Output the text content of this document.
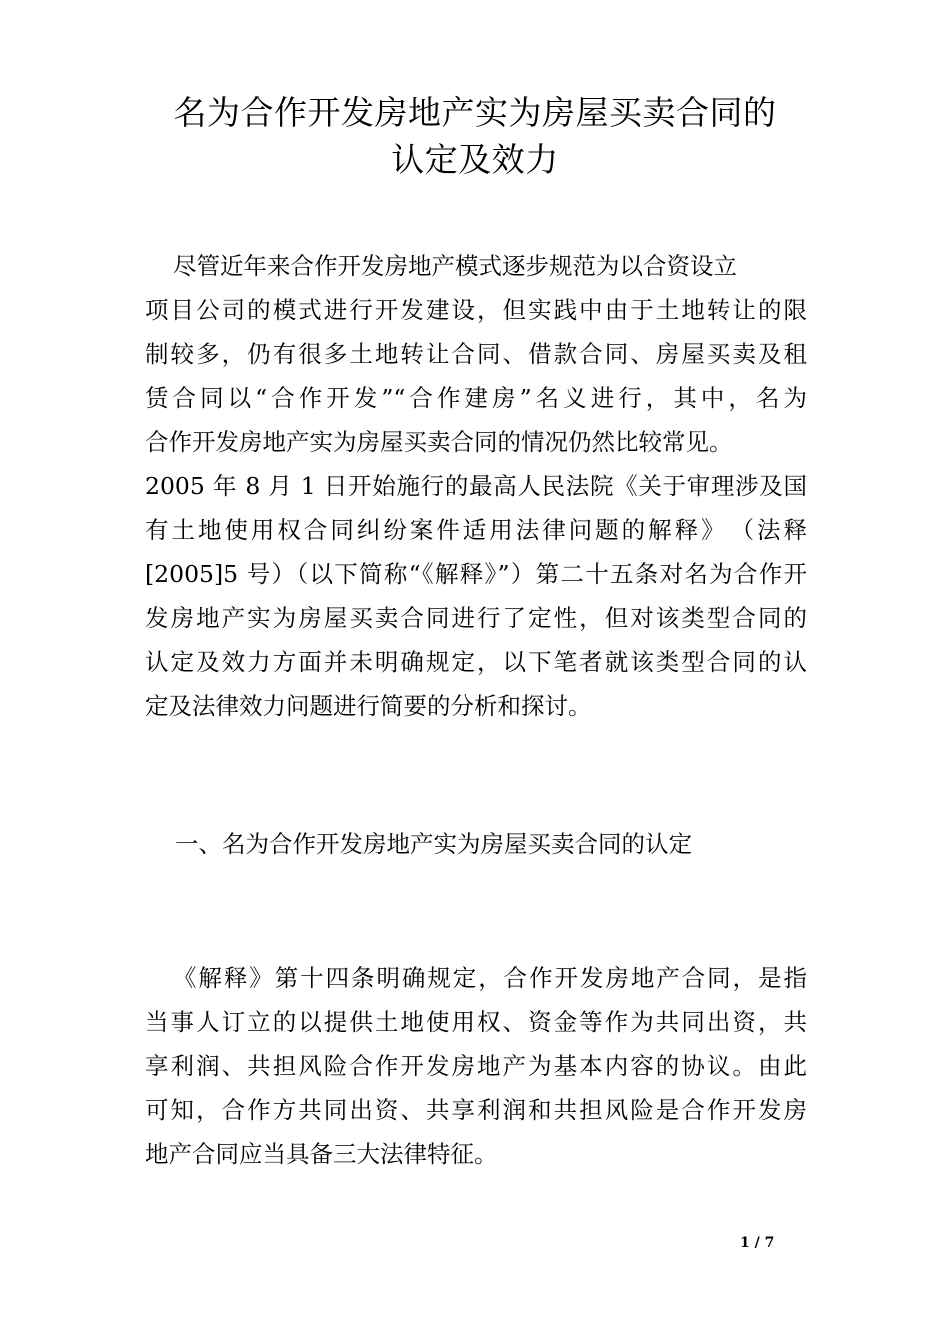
名为合作开发房地产实为房屋买卖合同的
认定及效力
尽管近年来合作开发房地产模式逐步规范为以合资设立
项目公司的模式进行开发建设，但实践中由于土地转让的限
制较多，仍有很多土地转让合同、借款合同、房屋买卖及租
赁合同以“合作开发”“合作建房”名义进行，其中，名为
合作开发房地产实为房屋买卖合同的情况仍然比较常见。
2005 年 8 月 1 日开始施行的最高人民法院《关于审理涉及国
有土地使用权合同纠纷案件适用法律问题的解释》　（法释
[2005]5 号）（以下简称“《解释》”）第二十五条对名为合作开
发房地产实为房屋买卖合同进行了定性，但对该类型合同的
认定及效力方面并未明确规定，以下笔者就该类型合同的认
定及法律效力问题进行简要的分析和探讨。
一、名为合作开发房地产实为房屋买卖合同的认定
《解释》第十四条明确规定，合作开发房地产合同，是指
当事人订立的以提供土地使用权、资金等作为共同出资，共
享利润、共担风险合作开发房地产为基本内容的协议。由此
可知，合作方共同出资、共享利润和共担风险是合作开发房
地产合同应当具备三大法律特征。
1 / 7
